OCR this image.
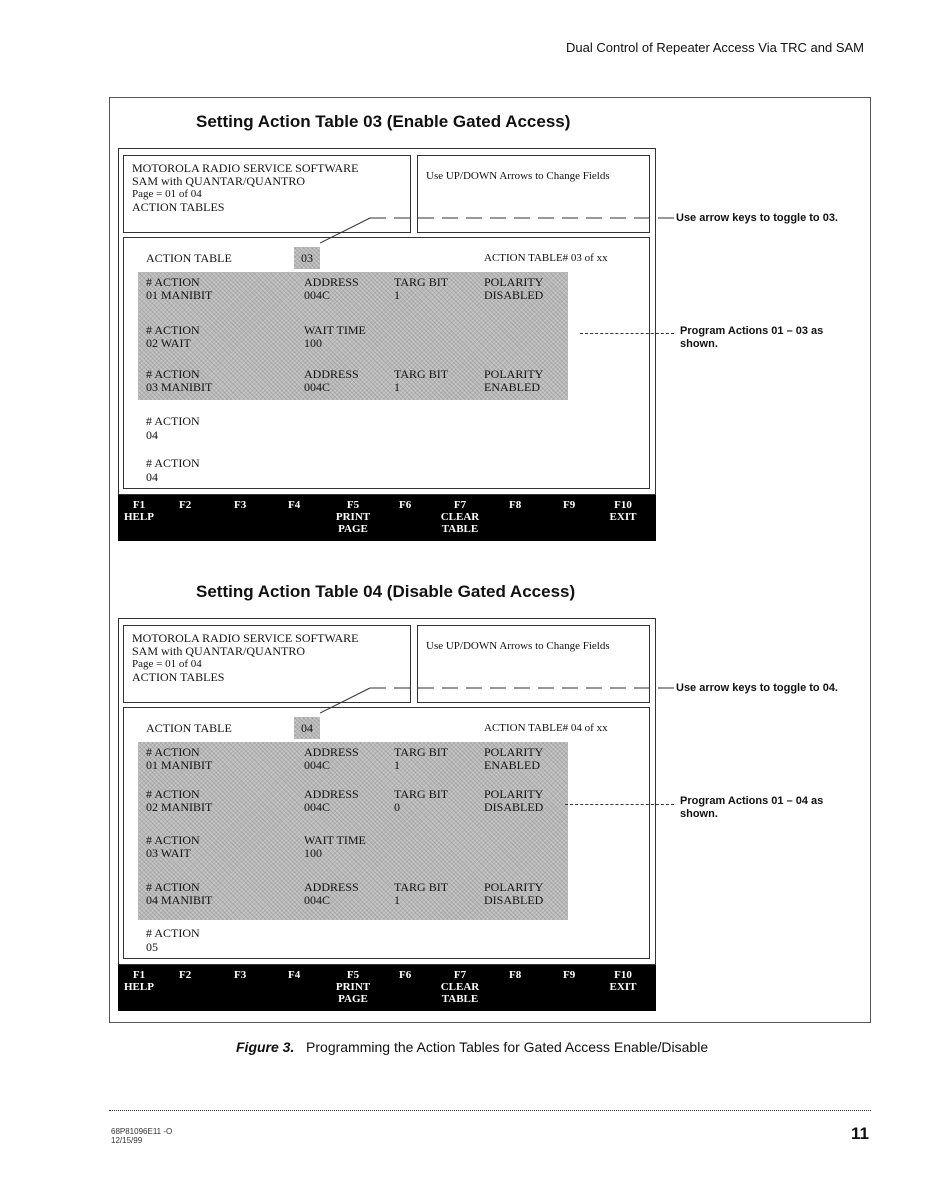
Dual Control of Repeater Access Via TRC and SAM
Setting Action Table 03 (Enable Gated Access)
MOTOROLA RADIO SERVICE SOFTWARE
SAM with QUANTAR/QUANTRO
Page = 01 of 04
ACTION TABLES
Use UP/DOWN Arrows to Change Fields
ACTION TABLE	03	ACTION TABLE# 03 of xx
# ACTION	ADDRESS	TARG BIT	POLARITY
01 MANIBIT	004C	1	DISABLED
# ACTION	WAIT TIME
02 WAIT	100
# ACTION	ADDRESS	TARG BIT	POLARITY
03 MANIBIT	004C	1	ENABLED
# ACTION
04
# ACTION
04
F1
HELP
F2	F3	F4	F5
PRINT
PAGE
F6	F7
CLEAR
TABLE
F8	F9	F10
EXIT
Use arrow keys to toggle to 03.
Program Actions 01 – 03 as shown.
Setting Action Table 04 (Disable Gated Access)
MOTOROLA RADIO SERVICE SOFTWARE
SAM with QUANTAR/QUANTRO
Page = 01 of 04
ACTION TABLES
Use UP/DOWN Arrows to Change Fields
ACTION TABLE	04	ACTION TABLE# 04 of xx
# ACTION	ADDRESS	TARG BIT	POLARITY
01 MANIBIT	004C	1	ENABLED
# ACTION	ADDRESS	TARG BIT	POLARITY
02 MANIBIT	004C	0	DISABLED
# ACTION	WAIT TIME
03 WAIT	100
# ACTION	ADDRESS	TARG BIT	POLARITY
04 MANIBIT	004C	1	DISABLED
# ACTION
05
F1
HELP
F2	F3	F4	F5
PRINT
PAGE
F6	F7
CLEAR
TABLE
F8	F9	F10
EXIT
Use arrow keys to toggle to 04.
Program Actions 01 – 04 as shown.
Figure 3. Programming the Action Tables for Gated Access Enable/Disable
68P81096E11 -O
12/15/99	11
